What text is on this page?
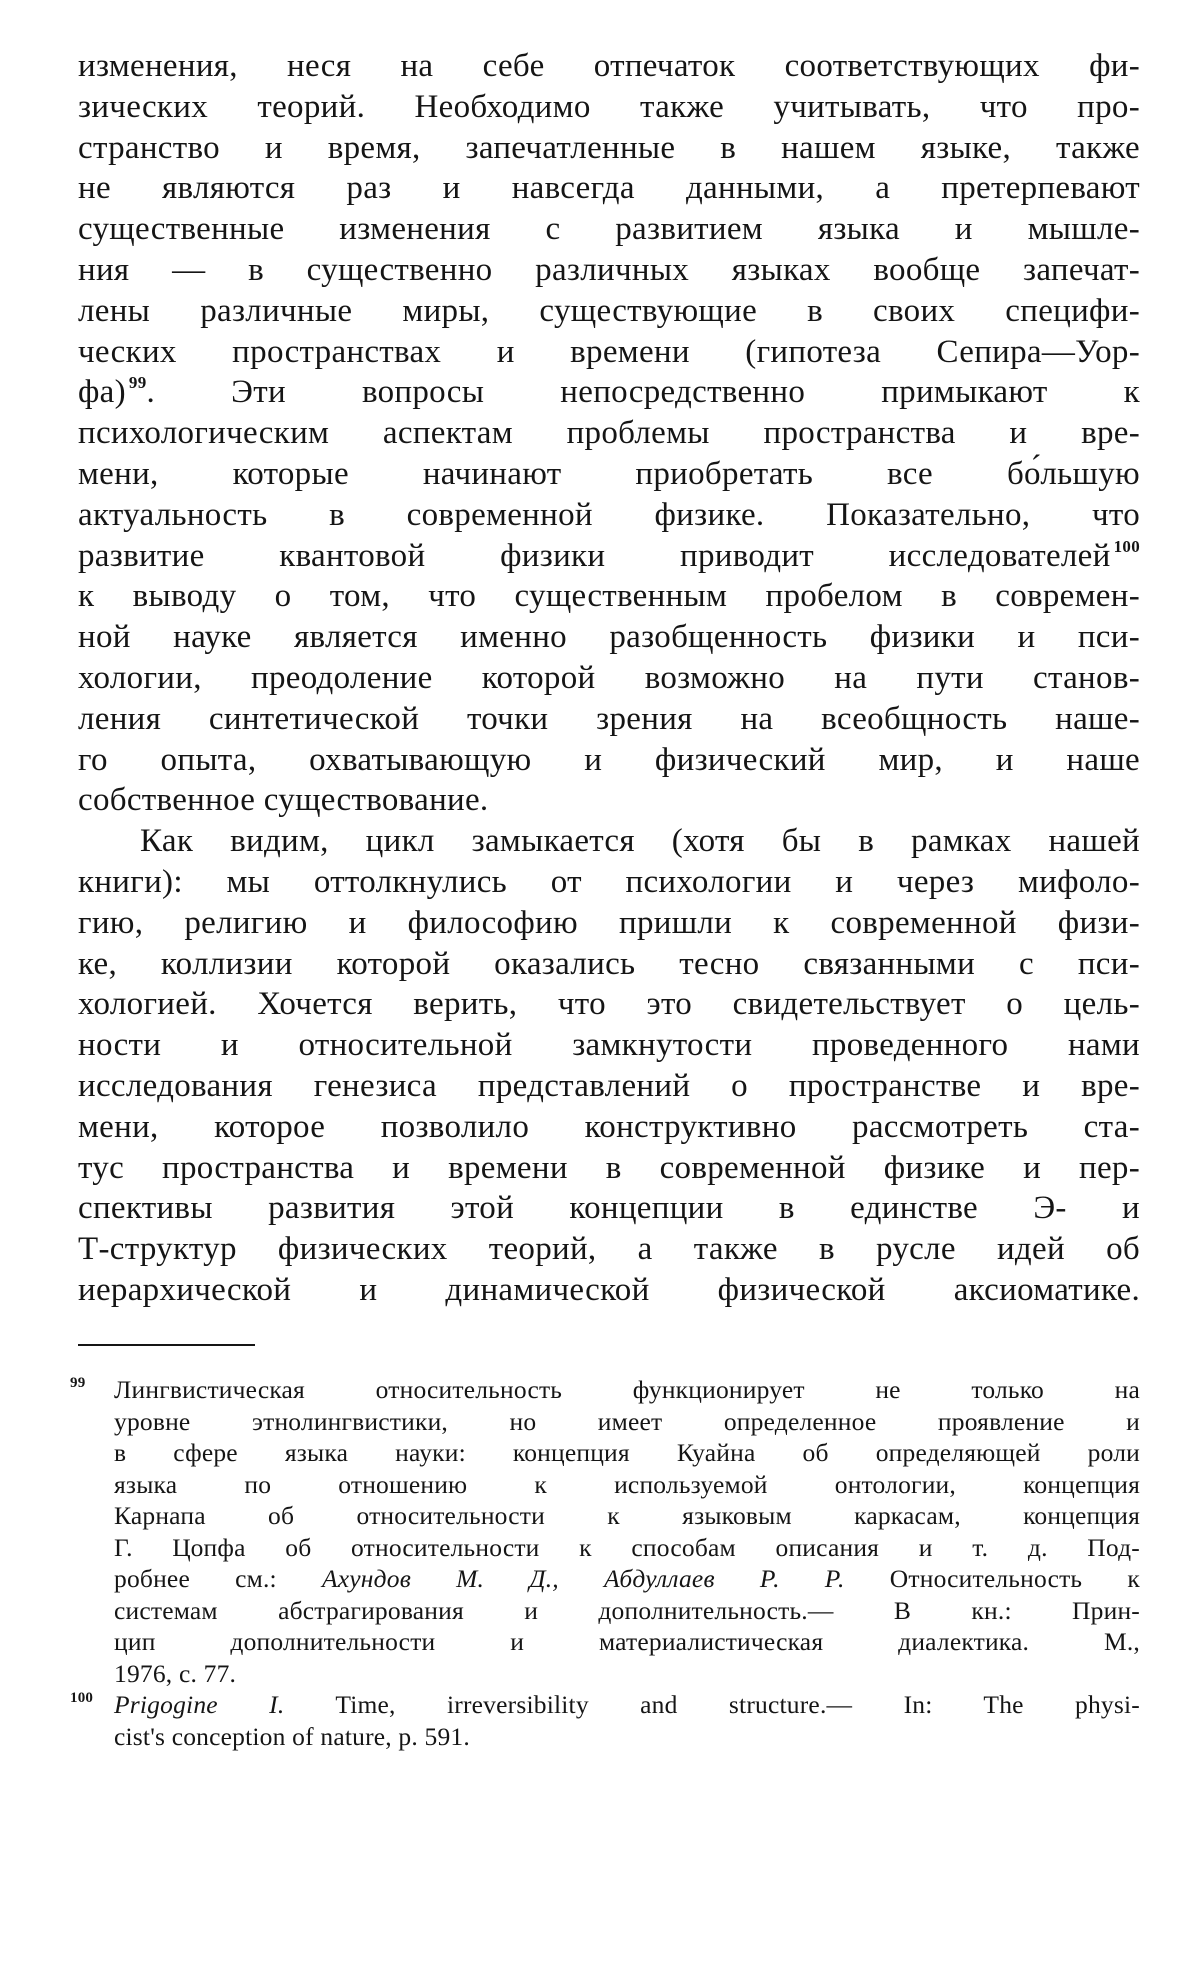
изменения, неся на себе отпечаток соответствующих фи-
зических теорий. Необходимо также учитывать, что про-
странство и время, запечатленные в нашем языке, также
не являются раз и навсегда данными, а претерпевают
существенные изменения с развитием языка и мышле-
ния — в существенно различных языках вообще запечат-
лены различные миры, существующие в своих специфи-
ческих пространствах и времени (гипотеза Сепира—Уор-
фа) $^{99}$. Эти вопросы непосредственно примыкают к
психологическим аспектам проблемы пространства и вре-
мени, которые начинают приобретать все бо́льшую
актуальность в современной физике. Показательно, что
развитие квантовой физики приводит исследователей $^{100}$
к выводу о том, что существенным пробелом в современ-
ной науке является именно разобщенность физики и пси-
хологии, преодоление которой возможно на пути станов-
ления синтетической точки зрения на всеобщность наше-
го опыта, охватывающую и физический мир, и наше
собственное существование.

Как видим, цикл замыкается (хотя бы в рамках нашей
книги): мы оттолкнулись от психологии и через мифоло-
гию, религию и философию пришли к современной физи-
ке, коллизии которой оказались тесно связанными с пси-
хологией. Хочется верить, что это свидетельствует о цель-
ности и относительной замкнутости проведенного нами
исследования генезиса представлений о пространстве и вре-
мени, которое позволило конструктивно рассмотреть ста-
тус пространства и времени в современной физике и пер-
спективы развития этой концепции в единстве Э- и
Т-структур физических теорий, а также в русле идей об
иерархической и динамической физической аксиоматике.

99 Лингвистическая относительность функционирует не только на
уровне этнолингвистики, но имеет определенное проявление и
в сфере языка науки: концепция Куайна об определяющей роли
языка по отношению к используемой онтологии, концепция
Карнапа об относительности к языковым каркасам, концепция
Г. Цопфа об относительности к способам описания и т. д. Под-
робнее см.: Ахундов М. Д., Абдуллаев Р. Р. Относительность к
системам абстрагирования и дополнительность.— В кн.: Прин-
цип дополнительности и материалистическая диалектика. М.,
1976, с. 77.
100 Prigogine I. Time, irreversibility and structure.— In: The physi-
cist's conception of nature, p. 591.
